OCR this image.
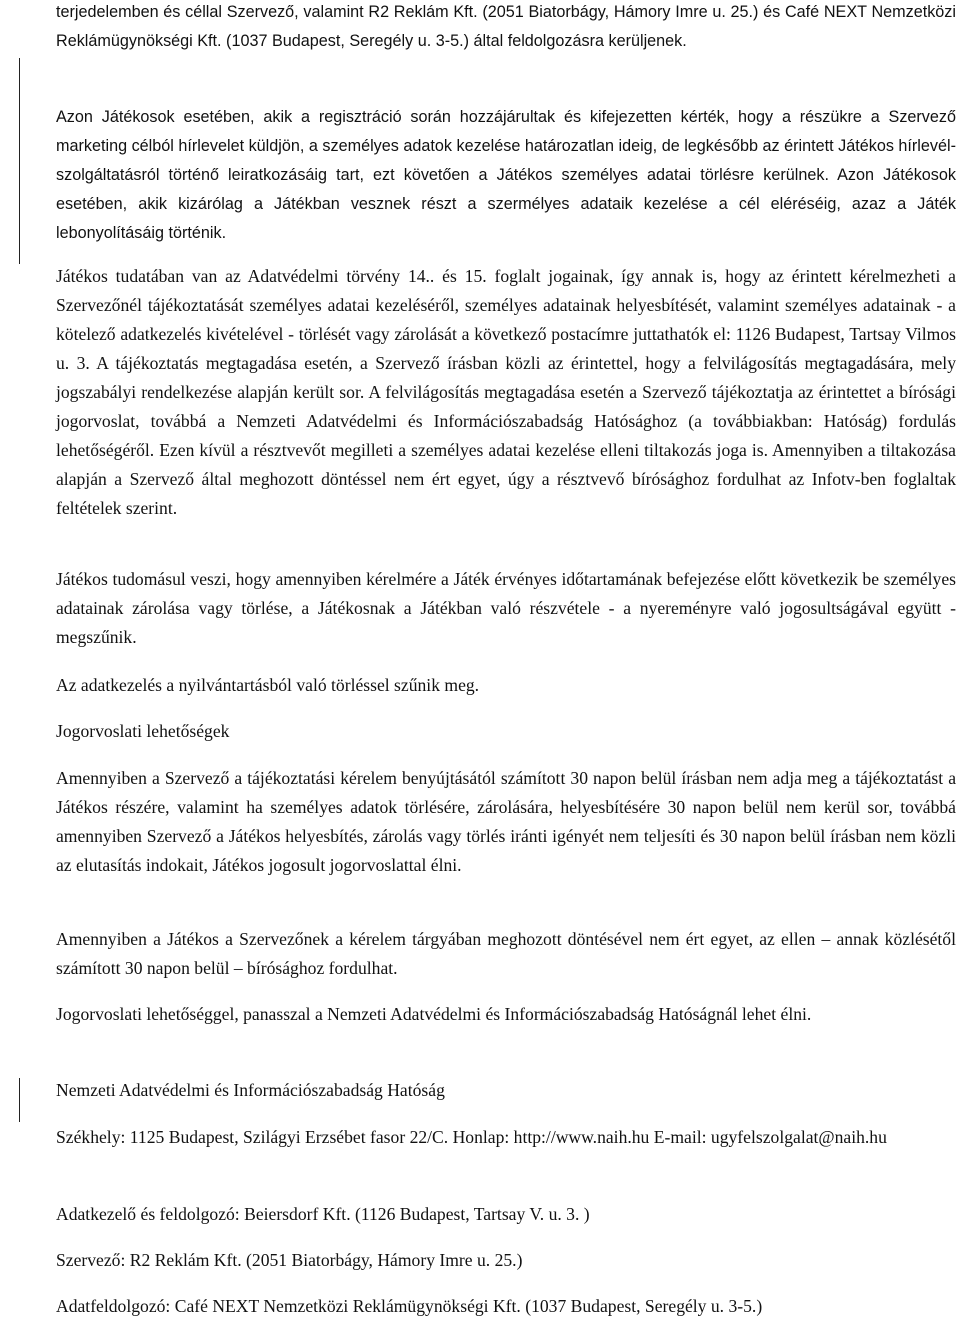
terjedelemben és céllal Szervező, valamint R2 Reklám Kft. (2051 Biatorbágy, Hámory Imre u. 25.) és Café NEXT Nemzetközi Reklámügynökségi Kft. (1037 Budapest, Seregély u. 3-5.) által feldolgozásra kerüljenek.

Azon Játékosok esetében, akik a regisztráció során hozzájárultak és kifejezetten kérték, hogy a részükre a Szervező marketing célból hírlevelet küldjön, a személyes adatok kezelése határozatlan ideig, de legkésőbb az érintett Játékos hírlevél-szolgáltatásról történő leiratkozásáig tart, ezt követően a Játékos személyes adatai törlésre kerülnek. Azon Játékosok esetében, akik kizárólag a Játékban vesznek részt a szermélyes adataik kezelése a cél eléréséig, azaz a Játék lebonyolításáig történik.

Játékos tudatában van az Adatvédelmi törvény 14.. és 15. foglalt jogainak, így annak is, hogy az érintett kérelmezheti a Szervezőnél tájékoztatását személyes adatai kezeléséről, személyes adatainak helyesbítését, valamint személyes adatainak - a kötelező adatkezelés kivételével - törlését vagy zárolását a következő postacímre juttathatók el: 1126 Budapest, Tartsay Vilmos u. 3. A tájékoztatás megtagadása esetén, a Szervező írásban közli az érintettel, hogy a felvilágosítás megtagadására, mely jogszabályi rendelkezése alapján került sor. A felvilágosítás megtagadása esetén a Szervező tájékoztatja az érintettet a bírósági jogorvoslat, továbbá a Nemzeti Adatvédelmi és Információszabadság Hatósághoz (a továbbiakban: Hatóság) fordulás lehetőségéről. Ezen kívül a résztvevőt megilleti a személyes adatai kezelése elleni tiltakozás joga is. Amennyiben a tiltakozása alapján a Szervező által meghozott döntéssel nem ért egyet, úgy a résztvevő bírósághoz fordulhat az Infotv-ben foglaltak feltételek szerint.

Játékos tudomásul veszi, hogy amennyiben kérelmére a Játék érvényes időtartamának befejezése előtt következik be személyes adatainak zárolása vagy törlése, a Játékosnak a Játékban való részvétele - a nyereményre való jogosultságával együtt - megszűnik.

Az adatkezelés a nyilvántartásból való törléssel szűnik meg.

Jogorvoslati lehetőségek

Amennyiben a Szervező a tájékoztatási kérelem benyújtásától számított 30 napon belül írásban nem adja meg a tájékoztatást a Játékos részére, valamint ha személyes adatok törlésére, zárolására, helyesbítésére 30 napon belül nem kerül sor, továbbá amennyiben Szervező a Játékos helyesbítés, zárolás vagy törlés iránti igényét nem teljesíti és 30 napon belül írásban nem közli az elutasítás indokait, Játékos jogosult jogorvoslattal élni.

Amennyiben a Játékos a Szervezőnek a kérelem tárgyában meghozott döntésével nem ért egyet, az ellen – annak közlésétől számított 30 napon belül – bírósághoz fordulhat.

Jogorvoslati lehetőséggel, panasszal a Nemzeti Adatvédelmi és Információszabadság Hatóságnál lehet élni.

Nemzeti Adatvédelmi és Információszabadság Hatóság

Székhely: 1125 Budapest, Szilágyi Erzsébet fasor 22/C. Honlap: http://www.naih.hu E-mail: ugyfelszolgalat@naih.hu

Adatkezelő és feldolgozó: Beiersdorf Kft. (1126 Budapest, Tartsay V. u. 3. )

Szervező: R2 Reklám Kft. (2051 Biatorbágy, Hámory Imre u. 25.)

Adatfeldolgozó: Café NEXT Nemzetközi Reklámügynökségi Kft. (1037 Budapest, Seregély u. 3-5.)
